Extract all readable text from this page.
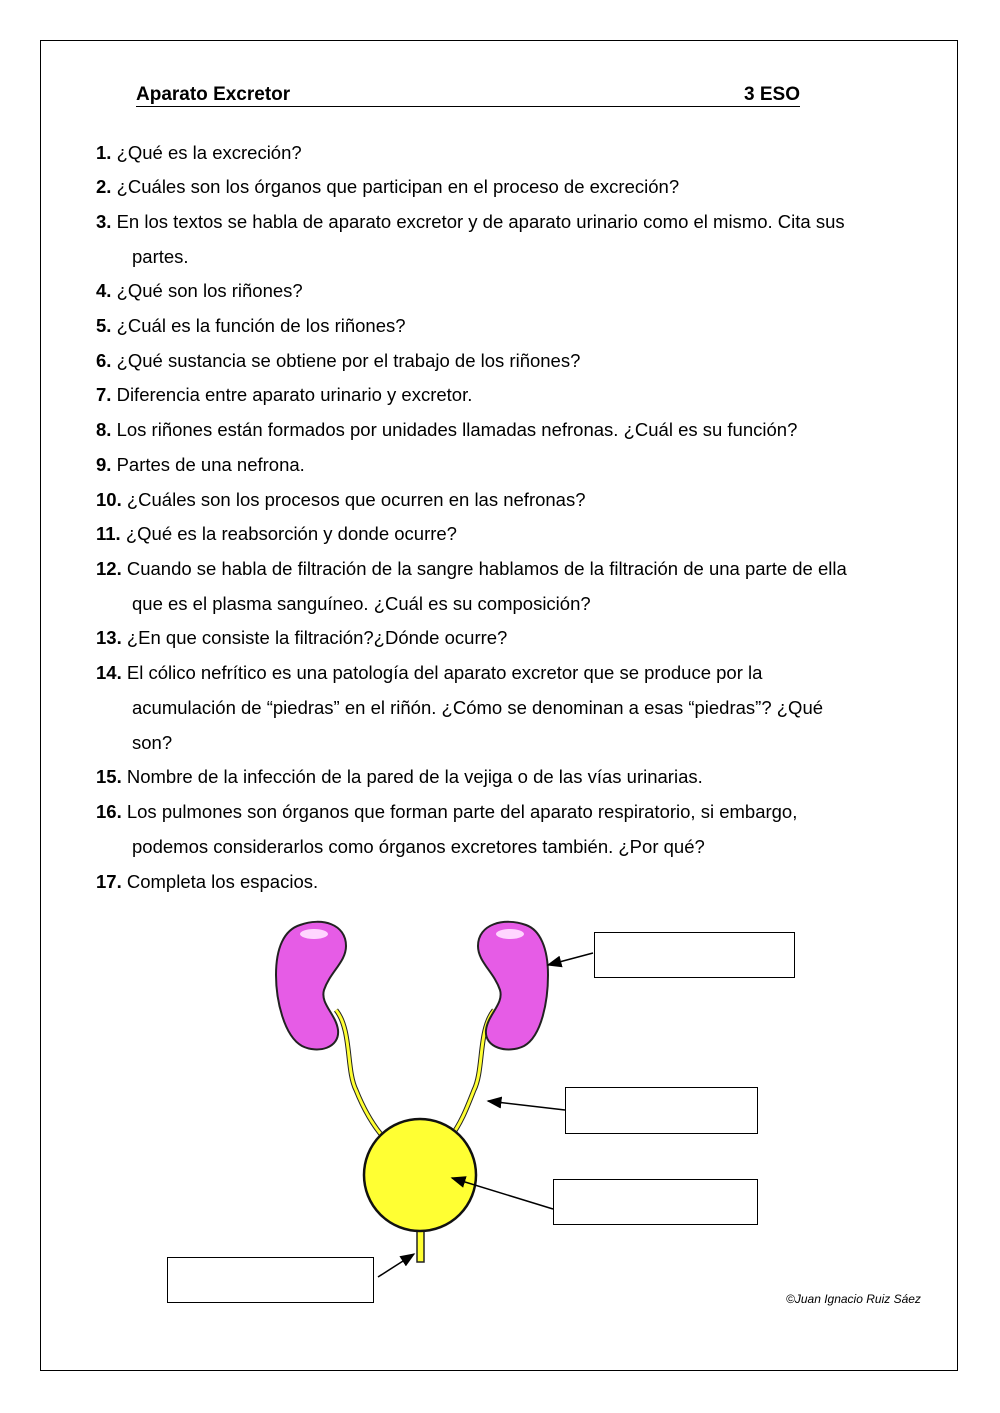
Aparato Excretor	3 ESO
1. ¿Qué es la excreción?
2. ¿Cuáles son los órganos que participan en el proceso de excreción?
3. En los textos se habla de aparato excretor y de aparato urinario como el mismo. Cita sus
partes.
4. ¿Qué son los riñones?
5. ¿Cuál es la función de los riñones?
6. ¿Qué sustancia se obtiene por el trabajo de los riñones?
7. Diferencia entre aparato urinario y excretor.
8. Los riñones están formados por unidades llamadas nefronas. ¿Cuál es su función?
9. Partes de una nefrona.
10. ¿Cuáles son los procesos que ocurren en las nefronas?
11. ¿Qué es la reabsorción y donde ocurre?
12. Cuando se habla de filtración de la sangre hablamos de la filtración de una parte de ella
que es el plasma sanguíneo. ¿Cuál es su composición?
13. ¿En que consiste la filtración?¿Dónde ocurre?
14. El cólico nefrítico es una patología del aparato excretor que se produce por la
acumulación de “piedras” en el riñón. ¿Cómo se denominan a esas “piedras”? ¿Qué
son?
15. Nombre de la infección de la pared de la vejiga o de las vías urinarias.
16. Los pulmones son órganos que forman parte del aparato respiratorio, si embargo,
podemos considerarlos como órganos excretores también. ¿Por qué?
17. Completa los espacios.
©Juan Ignacio Ruiz Sáez
